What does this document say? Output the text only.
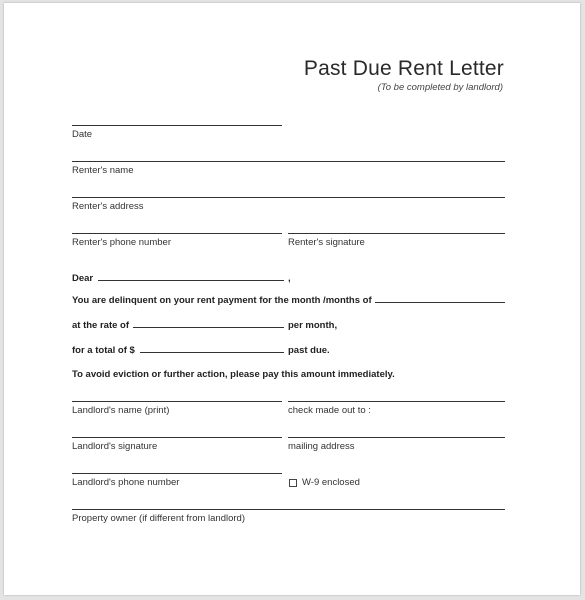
Past Due Rent Letter
(To be completed by landlord)
Date
Renter's name
Renter's address
Renter's phone number	Renter's signature
Dear	,
You are delinquent on your rent payment for the month /months of
at the rate of	per month,
for a total of $	past due.
To avoid eviction or further action, please pay this amount immediately.
Landlord's name (print)	check made out to :
Landlord's signature	mailing address
Landlord's phone number	W-9 enclosed
Property owner (if different from landlord)
